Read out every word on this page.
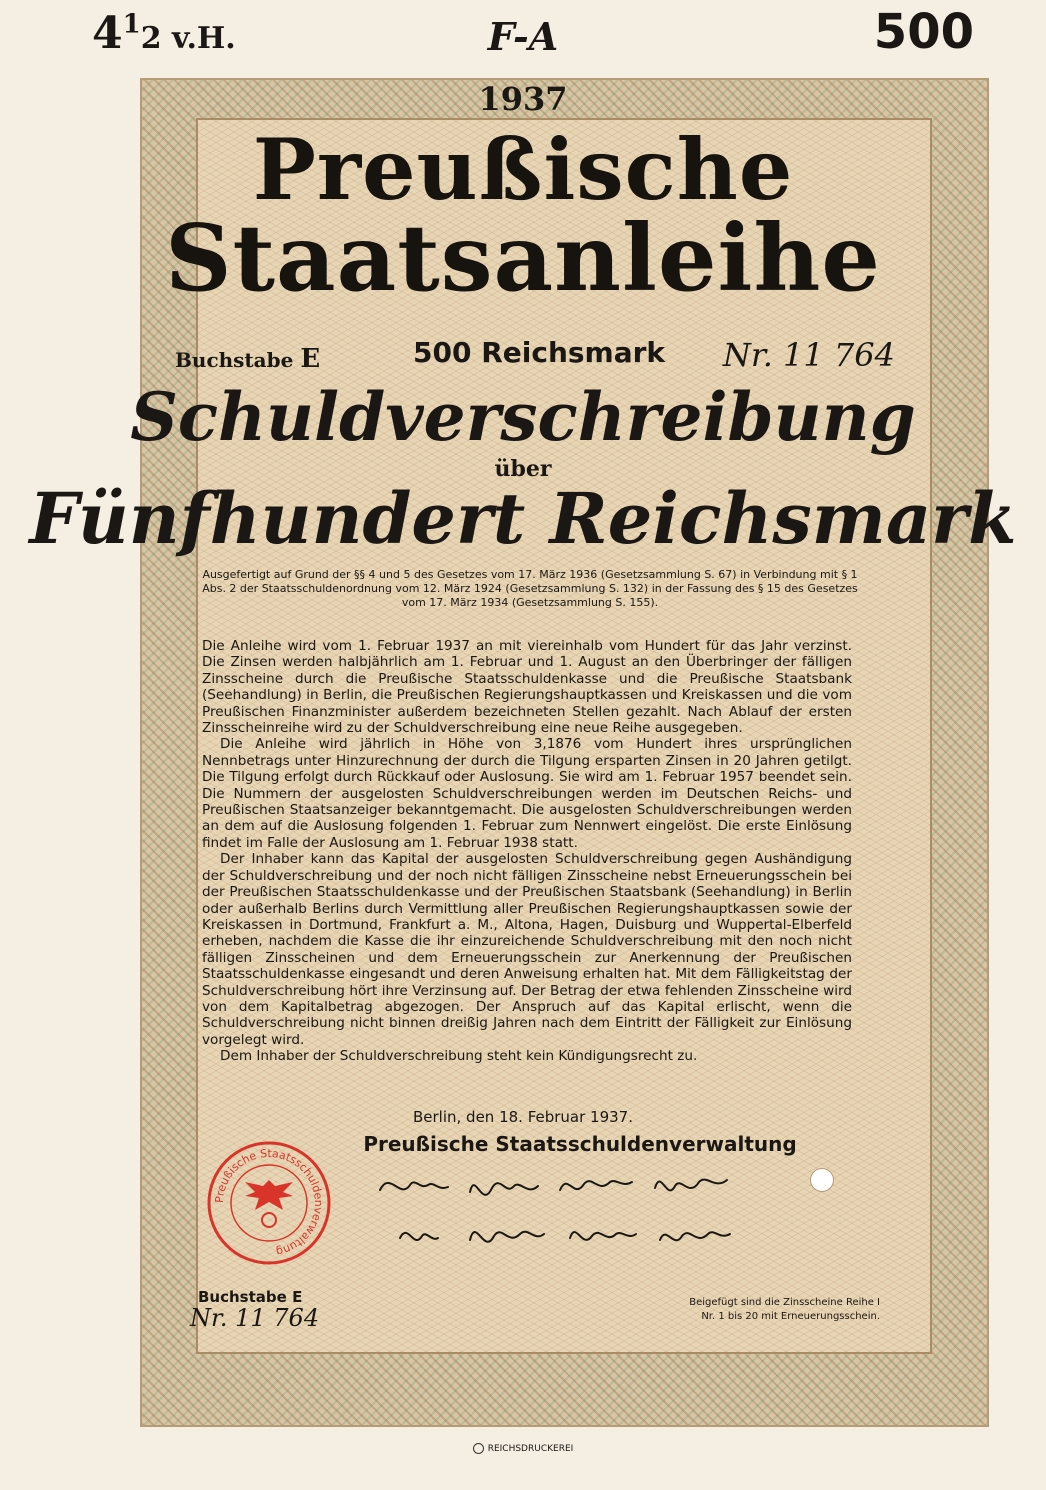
$4^12$ v.H.	F-A	500
1937
Preußische
Staatsanleihe
Buchstabe E	500 Reichsmark Nr. 11 764
Schuldverschreibung
über
Fünfhundert Reichsmark
Ausgefertigt auf Grund der §§ 4 und 5 des Gesetzes vom 17. März 1936 (Gesetzsammlung S. 67) in Verbindung mit § 1 Abs. 2 der Staatsschuldenordnung vom 12. März 1924 (Gesetzsammlung S. 132) in der Fassung des § 15 des Gesetzes vom 17. März 1934 (Gesetzsammlung S. 155).

Die Anleihe wird vom 1. Februar 1937 an mit viereinhalb vom Hundert für das Jahr verzinst. Die Zinsen werden halbjährlich am 1. Februar und 1. August an den Überbringer der fälligen Zinsscheine durch die Preußische Staatsschuldenkasse und die Preußische Staatsbank (Seehandlung) in Berlin, die Preußischen Regierungshauptkassen und Kreiskassen und die vom Preußischen Finanzminister außerdem bezeichneten Stellen gezahlt. Nach Ablauf der ersten Zinsscheinreihe wird zu der Schuldverschreibung eine neue Reihe ausgegeben.

Die Anleihe wird jährlich in Höhe von 3,1876 vom Hundert ihres ursprünglichen Nennbetrags unter Hinzurechnung der durch die Tilgung ersparten Zinsen in 20 Jahren getilgt. Die Tilgung erfolgt durch Rückkauf oder Auslosung. Sie wird am 1. Februar 1957 beendet sein. Die Nummern der ausgelosten Schuldverschreibungen werden im Deutschen Reichs- und Preußischen Staatsanzeiger bekanntgemacht. Die ausgelosten Schuldverschreibungen werden an dem auf die Auslosung folgenden 1. Februar zum Nennwert eingelöst. Die erste Einlösung findet im Falle der Auslosung am 1. Februar 1938 statt.

Der Inhaber kann das Kapital der ausgelosten Schuldverschreibung gegen Aushändigung der Schuldverschreibung und der noch nicht fälligen Zinsscheine nebst Erneuerungsschein bei der Preußischen Staatsschuldenkasse und der Preußischen Staatsbank (Seehandlung) in Berlin oder außerhalb Berlins durch Vermittlung aller Preußischen Regierungshauptkassen sowie der Kreiskassen in Dortmund, Frankfurt a. M., Altona, Hagen, Duisburg und Wuppertal-Elberfeld erheben, nachdem die Kasse die ihr einzureichende Schuldverschreibung mit den noch nicht fälligen Zinsscheinen und dem Erneuerungsschein zur Anerkennung der Preußischen Staatsschuldenkasse eingesandt und deren Anweisung erhalten hat. Mit dem Fälligkeitstag der Schuldverschreibung hört ihre Verzinsung auf. Der Betrag der etwa fehlenden Zinsscheine wird von dem Kapitalbetrag abgezogen. Der Anspruch auf das Kapital erlischt, wenn die Schuldverschreibung nicht binnen dreißig Jahren nach dem Eintritt der Fälligkeit zur Einlösung vorgelegt wird.

Dem Inhaber der Schuldverschreibung steht kein Kündigungsrecht zu.

Berlin, den 18. Februar 1937.
Preußische Staatsschuldenverwaltung
Preußische Staatsschuldenverwaltung
Buchstabe E
Nr. 11 764
Beigefügt sind die Zinsscheine Reihe I
Nr. 1 bis 20 mit Erneuerungsschein.
REICHSDRUCKEREI
